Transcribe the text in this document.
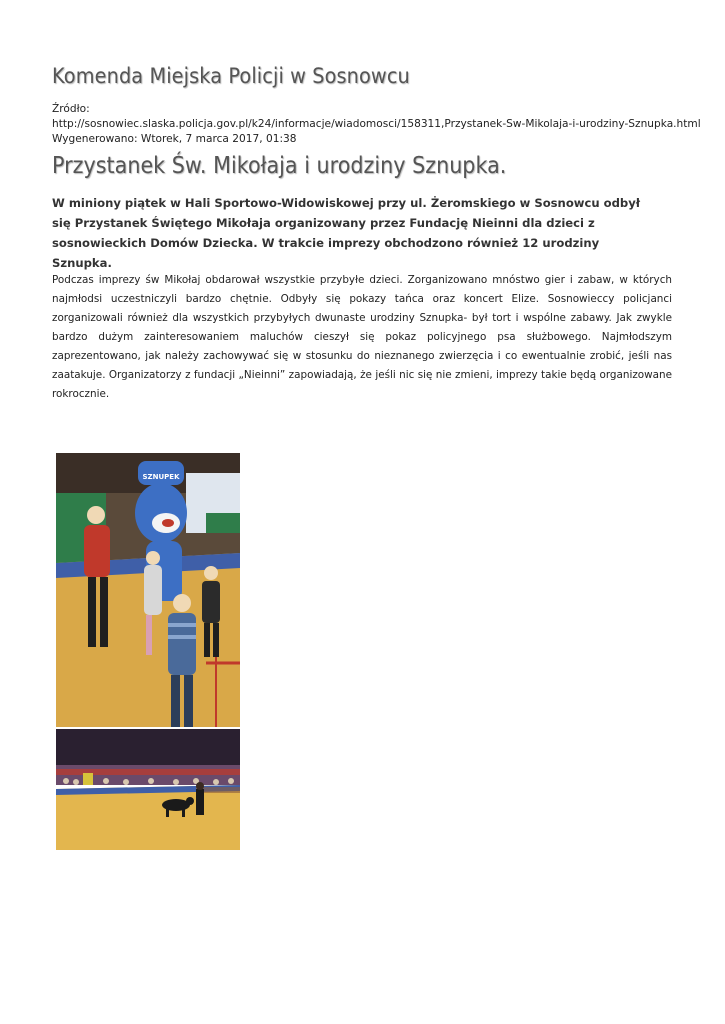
Komenda Miejska Policji w Sosnowcu
Źródło:
http://sosnowiec.slaska.policja.gov.pl/k24/informacje/wiadomosci/158311,Przystanek-Sw-Mikolaja-i-urodziny-Sznupka.html
Wygenerowano: Wtorek, 7 marca 2017, 01:38
Przystanek Św. Mikołaja i urodziny Sznupka.

W miniony piątek w Hali Sportowo-Widowiskowej przy ul. Żeromskiego w Sosnowcu odbył się Przystanek Świętego Mikołaja organizowany przez Fundację Nieinni dla dzieci z sosnowieckich Domów Dziecka. W trakcie imprezy obchodzono również 12 urodziny Sznupka.

Podczas imprezy św Mikołaj obdarował wszystkie przybyłe dzieci. Zorganizowano mnóstwo gier i zabaw, w których najmłodsi uczestniczyli bardzo chętnie. Odbyły się pokazy tańca oraz koncert Elize. Sosnowieccy policjanci zorganizowali również dla wszystkich przybyłych dwunaste urodziny Sznupka- był tort i wspólne zabawy. Jak zwykle bardzo dużym zainteresowaniem maluchów cieszył się pokaz policyjnego psa służbowego. Najmłodszym zaprezentowano, jak należy zachowywać się w stosunku do nieznanego zwierzęcia i co ewentualnie zrobić, jeśli nas zaatakuje. Organizatorzy z fundacji „Nieinni” zapowiadają, że jeśli nic się nie zmieni, imprezy takie będą organizowane rokrocznie.

SZNUPEK
